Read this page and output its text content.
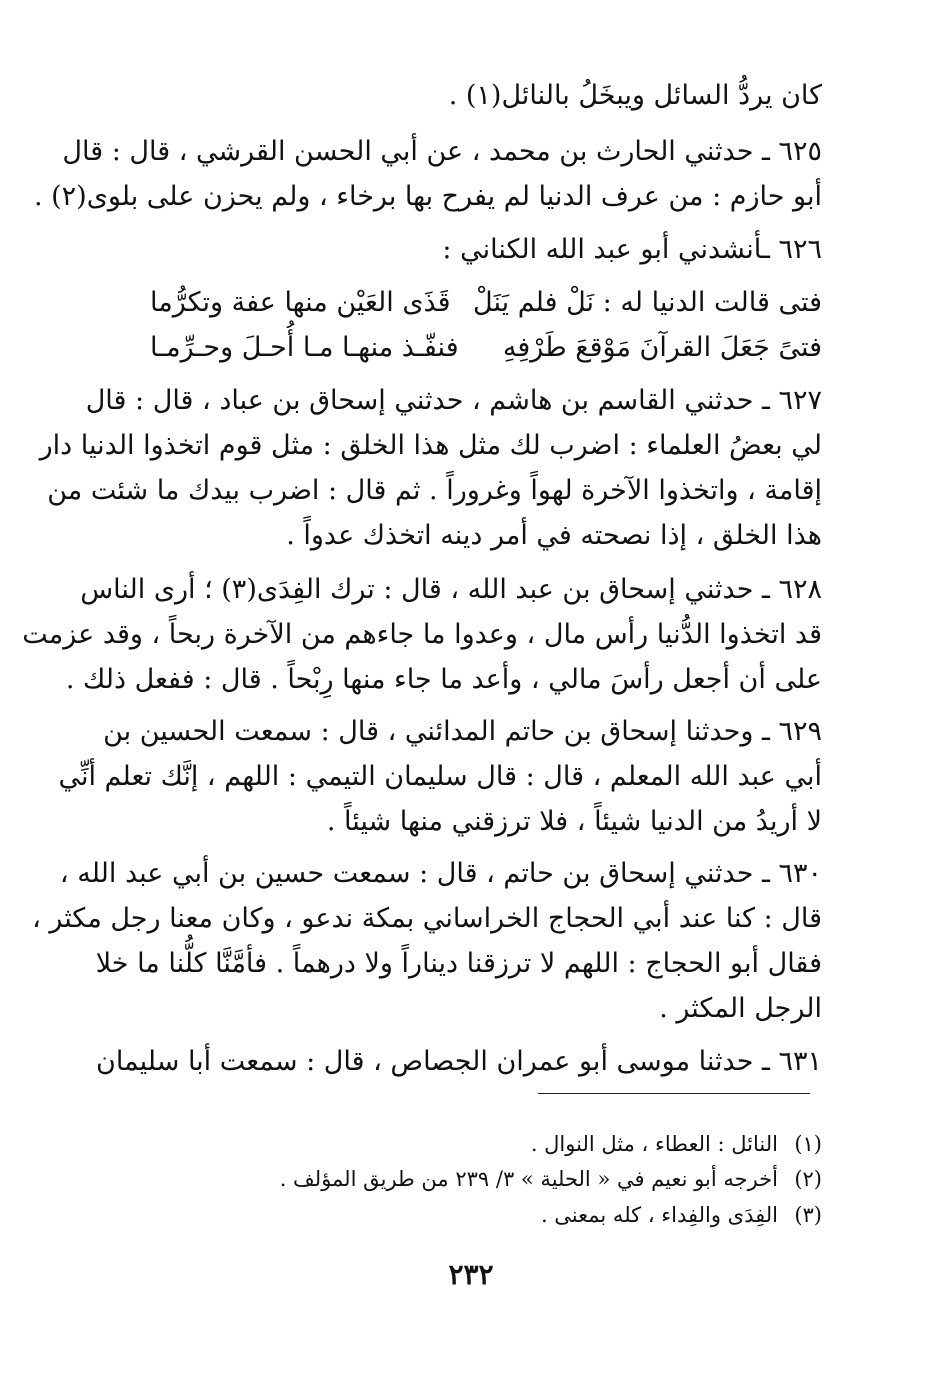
كان يردُّ السائل ويبخَلُ بالنائل(١) .
٦٢٥ ـ حدثني الحارث بن محمد ، عن أبي الحسن القرشي ، قال : قال
أبو حازم : من عرف الدنيا لم يفرح بها برخاء ، ولم يحزن على بلوى(٢) .
٦٢٦ ـأنشدني أبو عبد الله الكناني :
فتى قالت الدنيا له : نَلْ فلم يَنَلْ
قَذَى العَيْن منها عفة وتكرُّما
فتىً جَعَلَ القرآنَ مَوْقعَ طَرْفِهِ
فنفّـذ منهـا مـا أُحـلَ وحـرِّمـا
٦٢٧ ـ حدثني القاسم بن هاشم ، حدثني إسحاق بن عباد ، قال : قال
لي بعضُ العلماء : اضرب لك مثل هذا الخلق : مثل قوم اتخذوا الدنيا دار
إقامة ، واتخذوا الآخرة لهواً وغروراً . ثم قال : اضرب بيدك ما شئت من
هذا الخلق ، إذا نصحته في أمر دينه اتخذك عدواً .
٦٢٨ ـ حدثني إسحاق بن عبد الله ، قال : ترك الفِدَى(٣) ؛ أرى الناس
قد اتخذوا الدُّنيا رأس مال ، وعدوا ما جاءهم من الآخرة ربحاً ، وقد عزمت
على أن أجعل رأسَ مالي ، وأعد ما جاء منها رِبْحاً . قال : ففعل ذلك .
٦٢٩ ـ وحدثنا إسحاق بن حاتم المدائني ، قال : سمعت الحسين بن
أبي عبد الله المعلم ، قال : قال سليمان التيمي : اللهم ، إنَّك تعلم أنِّي
لا أريدُ من الدنيا شيئاً ، فلا ترزقني منها شيئاً .
٦٣٠ ـ حدثني إسحاق بن حاتم ، قال : سمعت حسين بن أبي عبد الله ،
قال : كنا عند أبي الحجاج الخراساني بمكة ندعو ، وكان معنا رجل مكثر ،
فقال أبو الحجاج : اللهم لا ترزقنا ديناراً ولا درهماً . فأمَّنَّا كلُّنا ما خلا
الرجل المكثر .
٦٣١ ـ حدثنا موسى أبو عمران الجصاص ، قال : سمعت أبا سليمان
(١)النائل : العطاء ، مثل النوال .
(٢)أخرجه أبو نعيم في « الحلية » ٣/ ٢٣٩ من طريق المؤلف .
(٣)الفِدَى والفِداء ، كله بمعنى .
٢٣٢
